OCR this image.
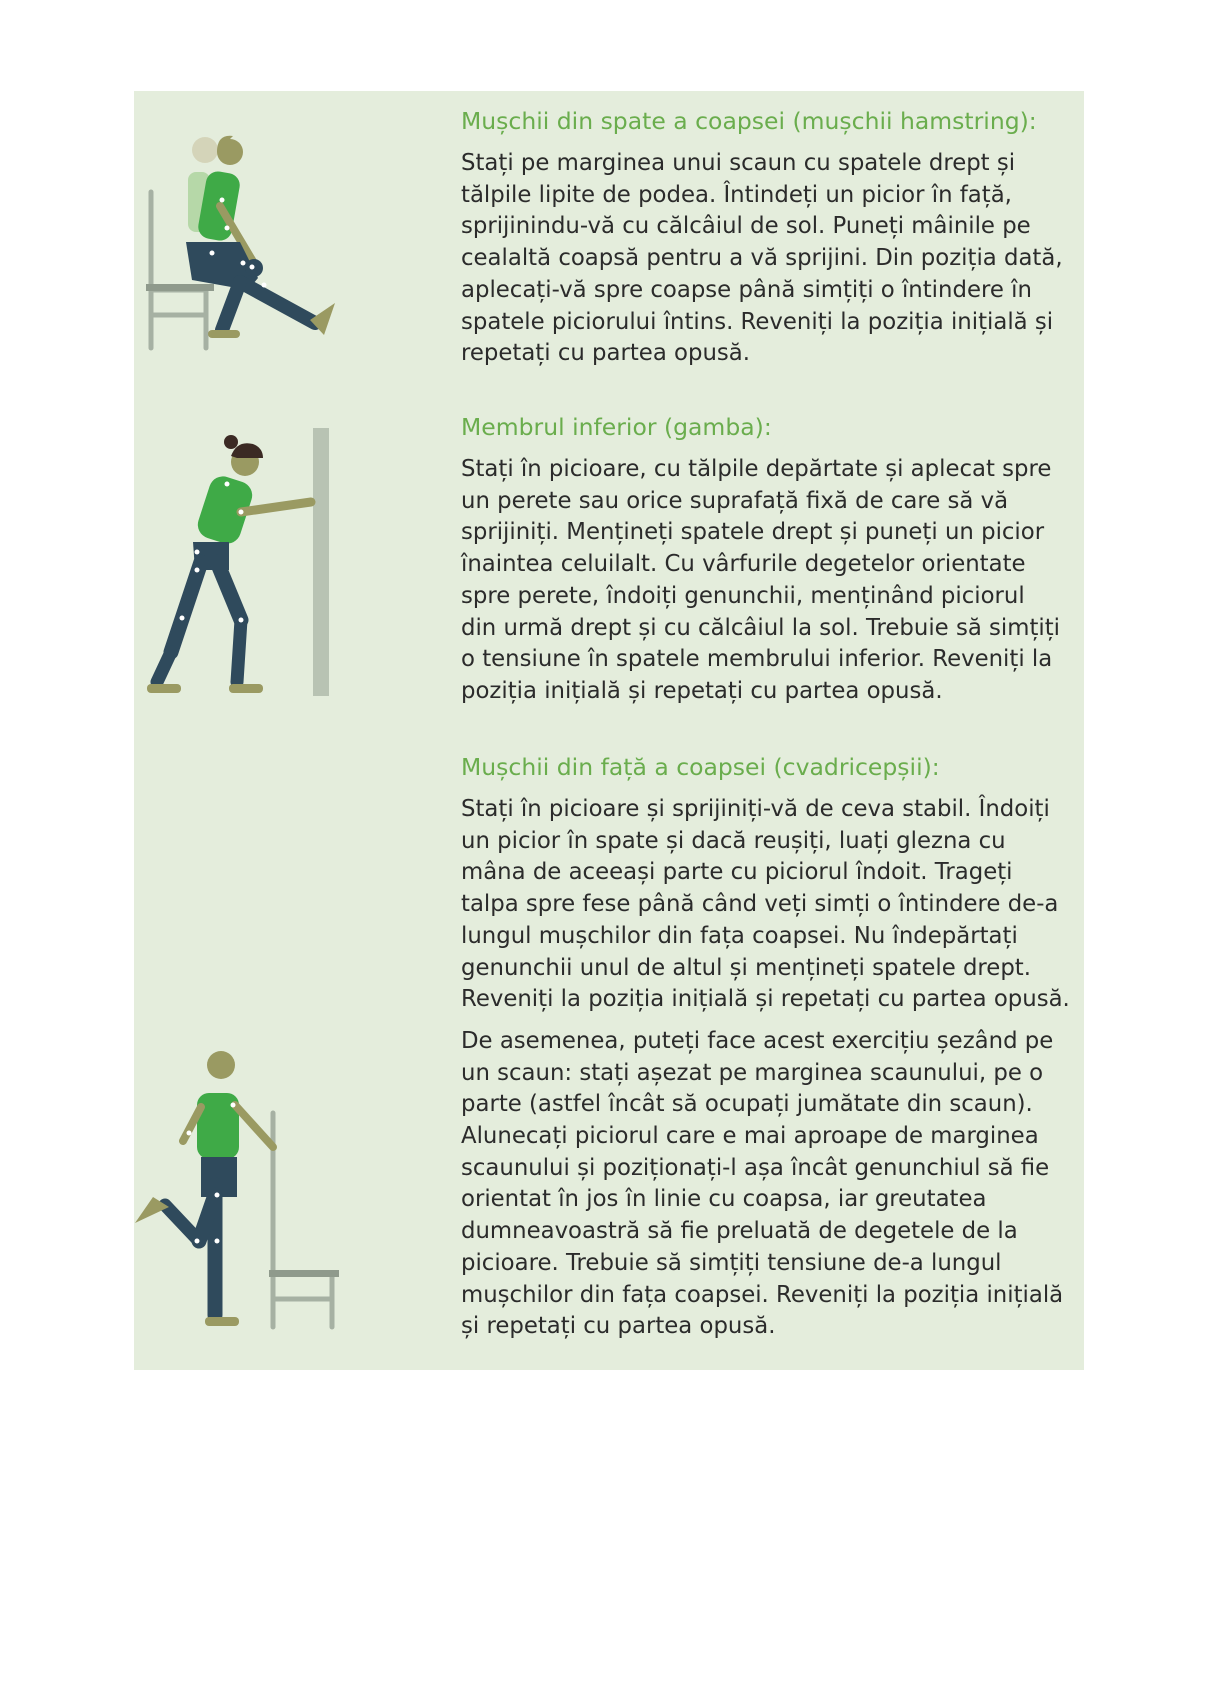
Mușchii din spate a coapsei (mușchii hamstring):

Stați pe marginea unui scaun cu spatele drept și
tălpile lipite de podea. Întindeți un picior în față,
sprijinindu-vă cu călcâiul de sol. Puneți mâinile pe
cealaltă coapsă pentru a vă sprijini. Din poziția dată,
aplecați-vă spre coapse până simțiți o întindere în
spatele piciorului întins. Reveniți la poziția inițială și
repetați cu partea opusă.

Membrul inferior (gamba):

Stați în picioare, cu tălpile depărtate și aplecat spre
un perete sau orice suprafață fixă de care să vă
sprijiniți. Mențineți spatele drept și puneți un picior
înaintea celuilalt. Cu vârfurile degetelor orientate
spre perete, îndoiți genunchii, menținând piciorul
din urmă drept și cu călcâiul la sol. Trebuie să simțiți
o tensiune în spatele membrului inferior. Reveniți la
poziția inițială și repetați cu partea opusă.

Mușchii din față a coapsei (cvadricepșii):

Stați în picioare și sprijiniți-vă de ceva stabil. Îndoiți
un picior în spate și dacă reușiți, luați glezna cu
mâna de aceeași parte cu piciorul îndoit. Trageți
talpa spre fese până când veți simți o întindere de-a
lungul mușchilor din fața coapsei. Nu îndepărtați
genunchii unul de altul și mențineți spatele drept.
Reveniți la poziția inițială și repetați cu partea opusă.

De asemenea, puteți face acest exercițiu șezând pe
un scaun: stați așezat pe marginea scaunului, pe o
parte (astfel încât să ocupați jumătate din scaun).
Alunecați piciorul care e mai aproape de marginea
scaunului și poziționați-l așa încât genunchiul să fie
orientat în jos în linie cu coapsa, iar greutatea
dumneavoastră să fie preluată de degetele de la
picioare. Trebuie să simțiți tensiune de-a lungul
mușchilor din fața coapsei. Reveniți la poziția inițială
și repetați cu partea opusă.
